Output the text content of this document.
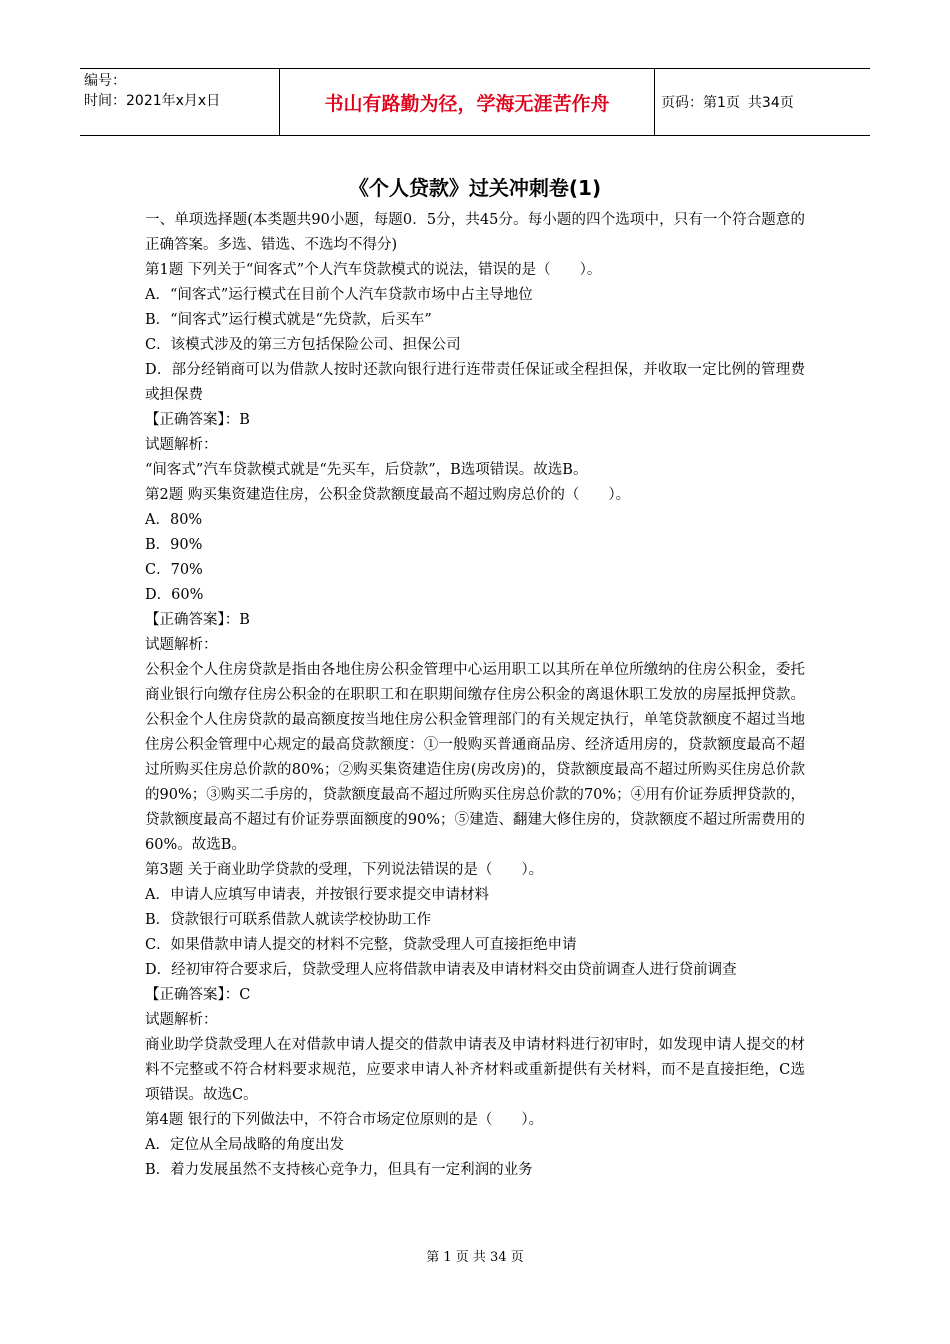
编号：
时间：2021年x月x日	书山有路勤为径，学海无涯苦作舟	页码：第1页 共34页
《个人贷款》过关冲刺卷(1)

一、单项选择题(本类题共90小题，每题0．5分，共45分。每小题的四个选项中，只有一个符合题意的正确答案。多选、错选、不选均不得分)

第1题 下列关于“间客式”个人汽车贷款模式的说法，错误的是（　　）。

A．“间客式”运行模式在目前个人汽车贷款市场中占主导地位

B．“间客式”运行模式就是“先贷款，后买车”

C．该模式涉及的第三方包括保险公司、担保公司

D．部分经销商可以为借款人按时还款向银行进行连带责任保证或全程担保，并收取一定比例的管理费或担保费

【正确答案】：B

试题解析：

“间客式”汽车贷款模式就是“先买车，后贷款”，B选项错误。故选B。

第2题 购买集资建造住房，公积金贷款额度最高不超过购房总价的（　　）。

A．80%

B．90%

C．70%

D．60%

【正确答案】：B

试题解析：

公积金个人住房贷款是指由各地住房公积金管理中心运用职工以其所在单位所缴纳的住房公积金，委托商业银行向缴存住房公积金的在职职工和在职期间缴存住房公积金的离退休职工发放的房屋抵押贷款。公积金个人住房贷款的最高额度按当地住房公积金管理部门的有关规定执行，单笔贷款额度不超过当地住房公积金管理中心规定的最高贷款额度：①一般购买普通商品房、经济适用房的，贷款额度最高不超过所购买住房总价款的80%；②购买集资建造住房(房改房)的，贷款额度最高不超过所购买住房总价款的90%；③购买二手房的，贷款额度最高不超过所购买住房总价款的70%；④用有价证券质押贷款的，贷款额度最高不超过有价证券票面额度的90%；⑤建造、翻建大修住房的，贷款额度不超过所需费用的60%。故选B。

第3题 关于商业助学贷款的受理，下列说法错误的是（　　）。

A．申请人应填写申请表，并按银行要求提交申请材料

B．贷款银行可联系借款人就读学校协助工作

C．如果借款申请人提交的材料不完整，贷款受理人可直接拒绝申请

D．经初审符合要求后，贷款受理人应将借款申请表及申请材料交由贷前调查人进行贷前调查

【正确答案】：C

试题解析：

商业助学贷款受理人在对借款申请人提交的借款申请表及申请材料进行初审时，如发现申请人提交的材料不完整或不符合材料要求规范，应要求申请人补齐材料或重新提供有关材料，而不是直接拒绝，C选项错误。故选C。

第4题 银行的下列做法中，不符合市场定位原则的是（　　）。

A．定位从全局战略的角度出发

B．着力发展虽然不支持核心竞争力，但具有一定利润的业务

第 1 页 共 34 页
